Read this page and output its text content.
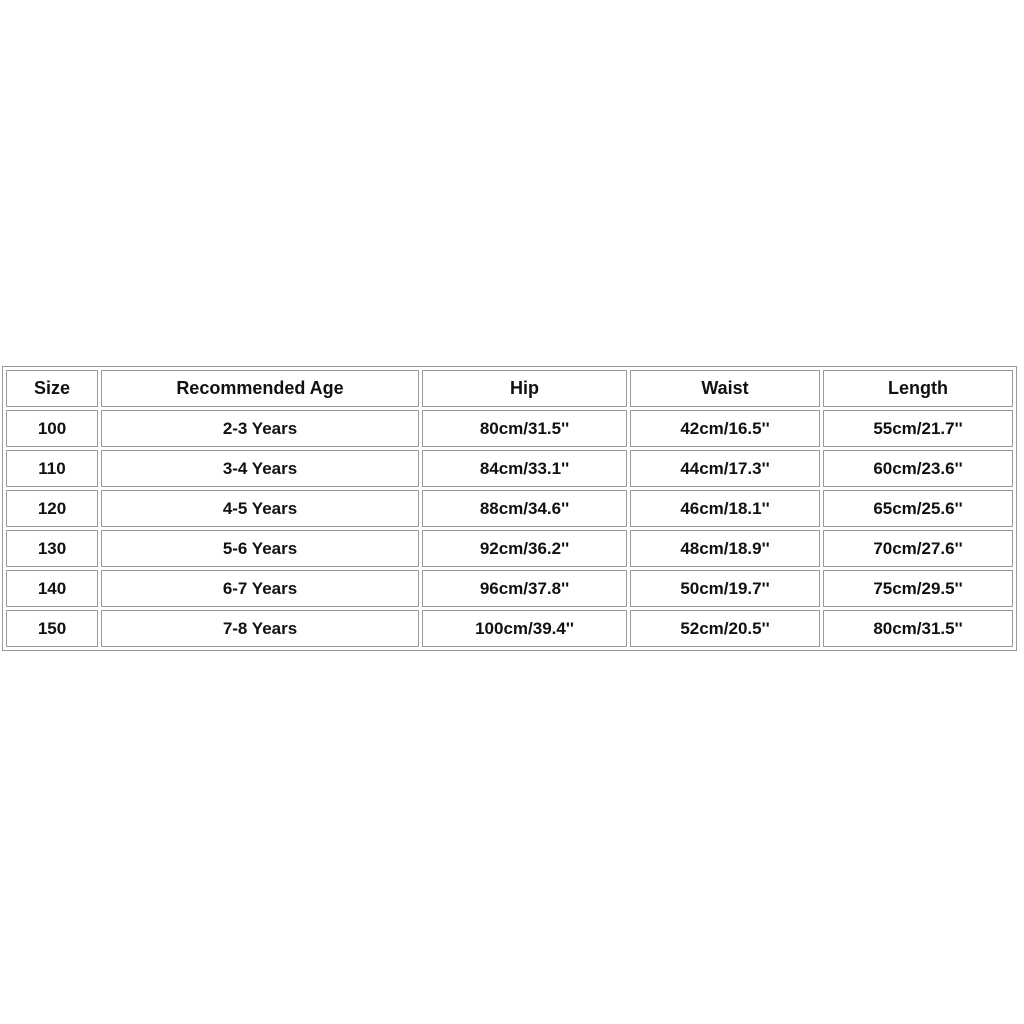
Size	Recommended Age	Hip	Waist	Length
100	2-3 Years	80cm/31.5''	42cm/16.5''	55cm/21.7''
110	3-4 Years	84cm/33.1''	44cm/17.3''	60cm/23.6''
120	4-5 Years	88cm/34.6''	46cm/18.1''	65cm/25.6''
130	5-6 Years	92cm/36.2''	48cm/18.9''	70cm/27.6''
140	6-7 Years	96cm/37.8''	50cm/19.7''	75cm/29.5''
150	7-8 Years	100cm/39.4''	52cm/20.5''	80cm/31.5''
